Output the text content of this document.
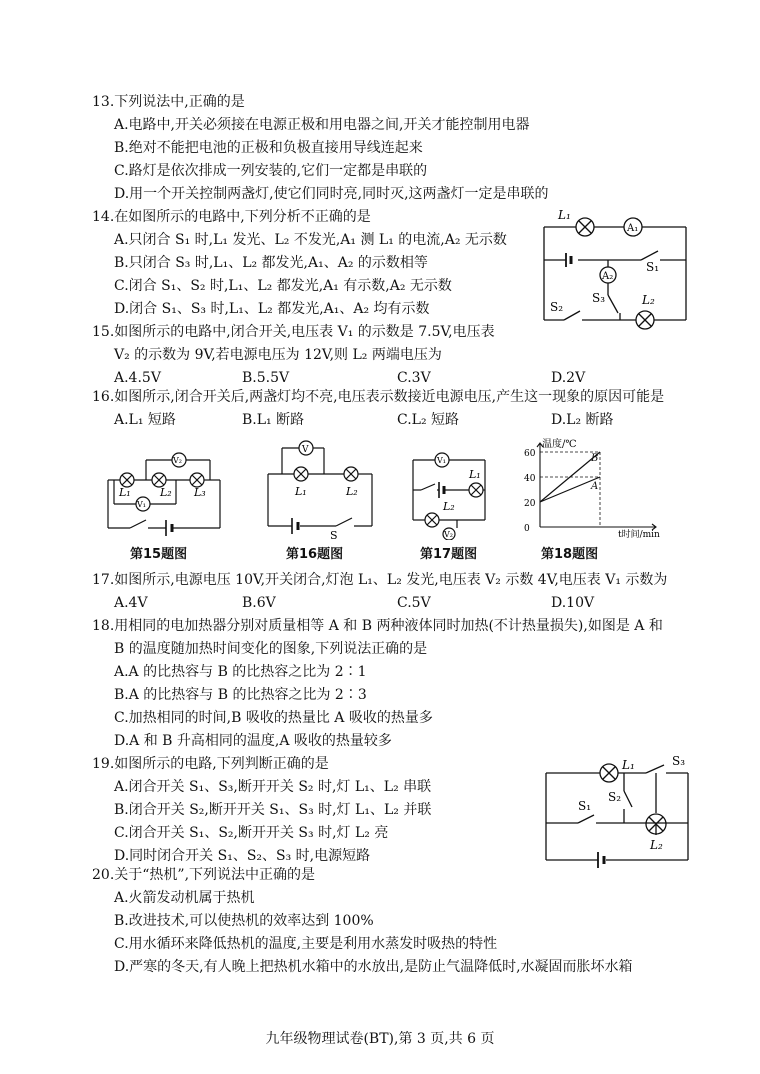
13.下列说法中,正确的是
A.电路中,开关必须接在电源正极和用电器之间,开关才能控制用电器
B.绝对不能把电池的正极和负极直接用导线连起来
C.路灯是依次排成一列安装的,它们一定都是串联的
D.用一个开关控制两盏灯,使它们同时亮,同时灭,这两盏灯一定是串联的
14.在如图所示的电路中,下列分析不正确的是
A.只闭合 S₁ 时,L₁ 发光、L₂ 不发光,A₁ 测 L₁ 的电流,A₂ 无示数
B.只闭合 S₃ 时,L₁、L₂ 都发光,A₁、A₂ 的示数相等
C.闭合 S₁、S₂ 时,L₁、L₂ 都发光,A₁ 有示数,A₂ 无示数
D.闭合 S₁、S₃ 时,L₁、L₂ 都发光,A₁、A₂ 均有示数
L₁
A₁
A₂
S₁
S₃
S₂	L₂
15.如图所示的电路中,闭合开关,电压表 V₁ 的示数是 7.5V,电压表
V₂ 的示数为 9V,若电源电压为 12V,则 L₂ 两端电压为
A.4.5V	B.5.5V	C.3V	D.2V
16.如图所示,闭合开关后,两盏灯均不亮,电压表示数接近电源电压,产生这一现象的原因可能是
A.L₁ 短路	B.L₁ 断路	C.L₂ 短路	D.L₂ 断路
V₂
V₁
L₁	L₂ L₃
第15题图
V
L₁	L₂
S
第16题图
V₁
L₁
L₂
V₂
第17题图
0
20
40
60
A
B
温度/℃
t时间/min
第18题图
17.如图所示,电源电压 10V,开关闭合,灯泡 L₁、L₂ 发光,电压表 V₂ 示数 4V,电压表 V₁ 示数为
A.4V	B.6V	C.5V	D.10V
18.用相同的电加热器分别对质量相等 A 和 B 两种液体同时加热(不计热量损失),如图是 A 和
B 的温度随加热时间变化的图象,下列说法正确的是
A.A 的比热容与 B 的比热容之比为 2∶1
B.A 的比热容与 B 的比热容之比为 2∶3
C.加热相同的时间,B 吸收的热量比 A 吸收的热量多
D.A 和 B 升高相同的温度,A 吸收的热量较多
19.如图所示的电路,下列判断正确的是
A.闭合开关 S₁、S₃,断开开关 S₂ 时,灯 L₁、L₂ 串联
B.闭合开关 S₂,断开开关 S₁、S₃ 时,灯 L₁、L₂ 并联
C.闭合开关 S₁、S₂,断开开关 S₃ 时,灯 L₂ 亮
D.同时闭合开关 S₁、S₂、S₃ 时,电源短路
L₁	S₃
S₁
S₂
L₂
20.关于“热机”,下列说法中正确的是
A.火箭发动机属于热机
B.改进技术,可以使热机的效率达到 100%
C.用水循环来降低热机的温度,主要是利用水蒸发时吸热的特性
D.严寒的冬天,有人晚上把热机水箱中的水放出,是防止气温降低时,水凝固而胀坏水箱
九年级物理试卷(BT),第 3 页,共 6 页
